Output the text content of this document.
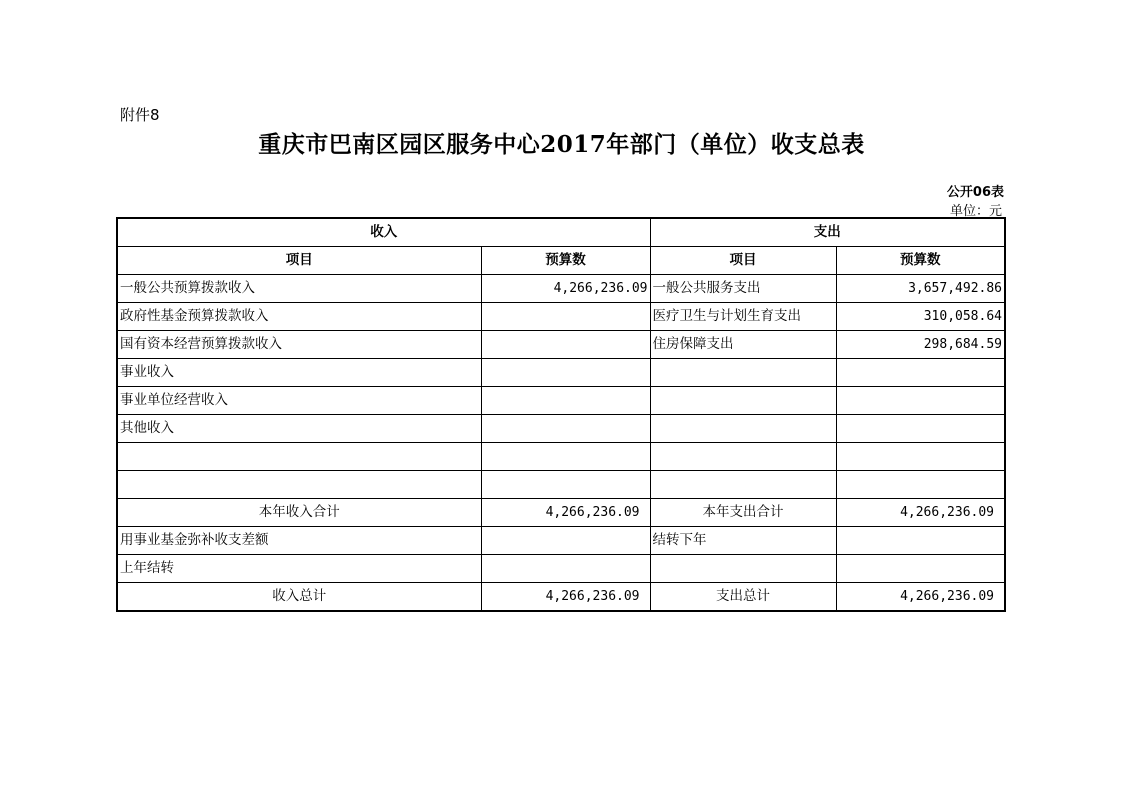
附件8
重庆市巴南区园区服务中心2017年部门（单位）收支总表
公开06表
单位：元
收入		支出	
项目	预算数	项目	预算数
一般公共预算拨款收入	4,266,236.09	一般公共服务支出	3,657,492.86
政府性基金预算拨款收入		医疗卫生与计划生育支出	310,058.64
国有资本经营预算拨款收入		住房保障支出	298,684.59
事业收入			
事业单位经营收入			
其他收入			

本年收入合计	4,266,236.09	本年支出合计	4,266,236.09
用事业基金弥补收支差额		结转下年	
上年结转			
收入总计	4,266,236.09	支出总计	4,266,236.09
